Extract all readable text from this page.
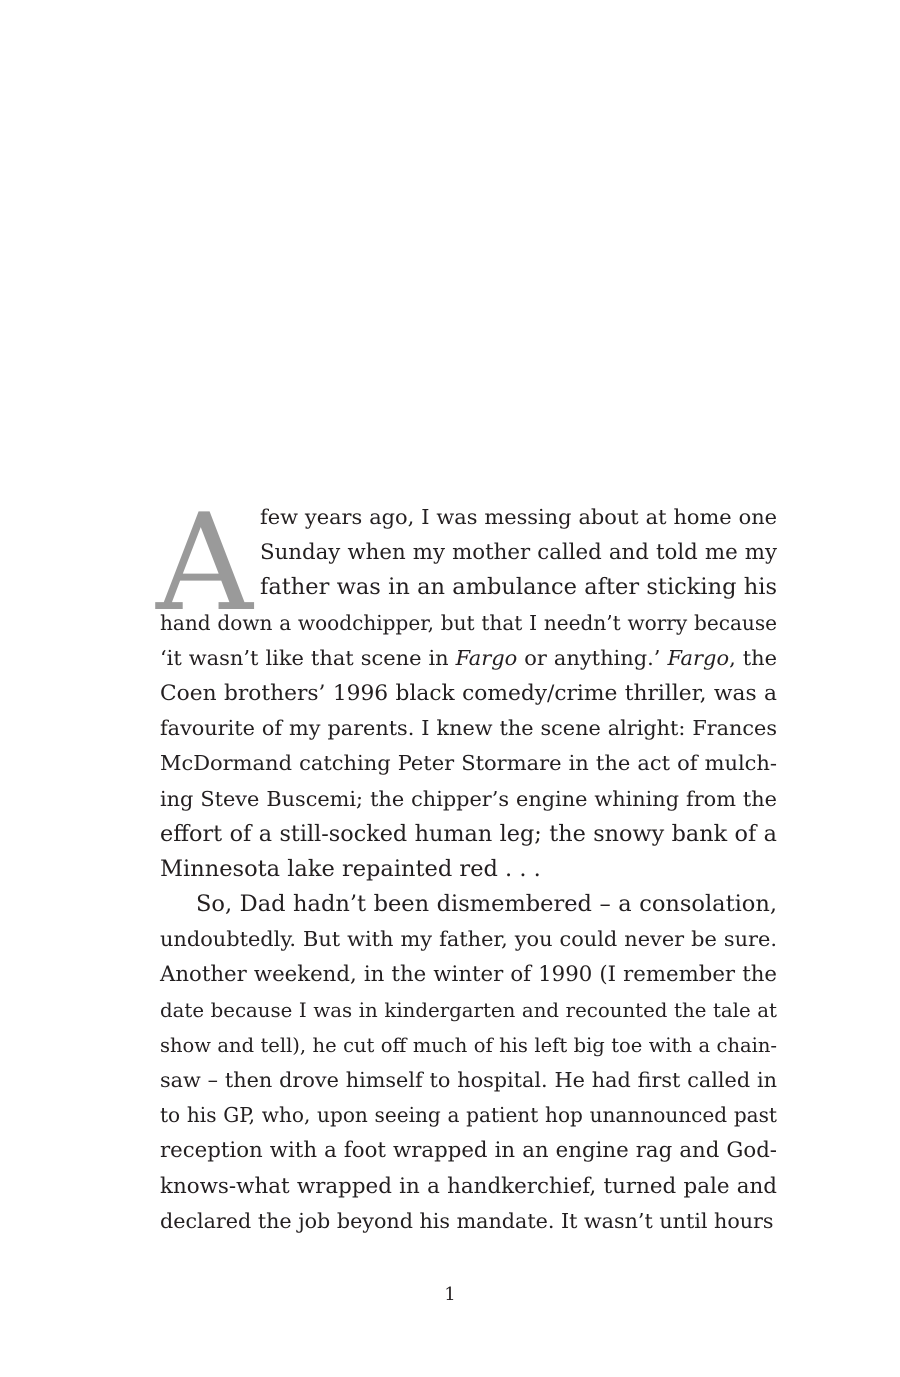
A few years ago, I was messing about at home one
Sunday when my mother called and told me my
father was in an ambulance after sticking his
hand down a woodchipper, but that I needn’t worry because
‘it wasn’t like that scene in Fargo or anything.’ Fargo, the
Coen brothers’ 1996 black comedy/crime thriller, was a
favourite of my parents. I knew the scene alright: Frances
McDormand catching Peter Stormare in the act of mulch-
ing Steve Buscemi; the chipper’s engine whining from the
effort of a still-socked human leg; the snowy bank of a
Minnesota lake repainted red . . .
So, Dad hadn’t been dismembered – a consolation,
undoubtedly. But with my father, you could never be sure.
Another weekend, in the winter of 1990 (I remember the
date because I was in kindergarten and recounted the tale at
show and tell), he cut off much of his left big toe with a chain-
saw – then drove himself to hospital. He had first called in
to his GP, who, upon seeing a patient hop unannounced past
reception with a foot wrapped in an engine rag and God-
knows-what wrapped in a handkerchief, turned pale and
declared the job beyond his mandate. It wasn’t until hours
1
